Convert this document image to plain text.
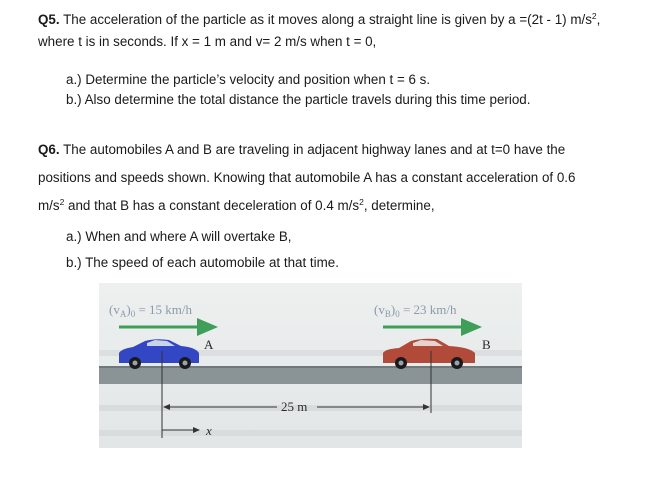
Q5. The acceleration of the particle as it moves along a straight line is given by a =(2t - 1) $m/s^2$,
where t is in seconds. If x = 1 m and v= 2 m/s when t = 0,
a.) Determine the particle’s velocity and position when t = 6 s.
b.) Also determine the total distance the particle travels during this time period.
Q6. The automobiles A and B are traveling in adjacent highway lanes and at t=0 have the
positions and speeds shown. Knowing that automobile A has a constant acceleration of 0.6
$m/s^2$ and that B has a constant deceleration of 0.4 $m/s^2$, determine,
a.) When and where A will overtake B,
b.) The speed of each automobile at that time.
$(v_A)_0 = 15$ km/h	$(v_B)_0 = 23$ km/h
A	B
25 m
x
